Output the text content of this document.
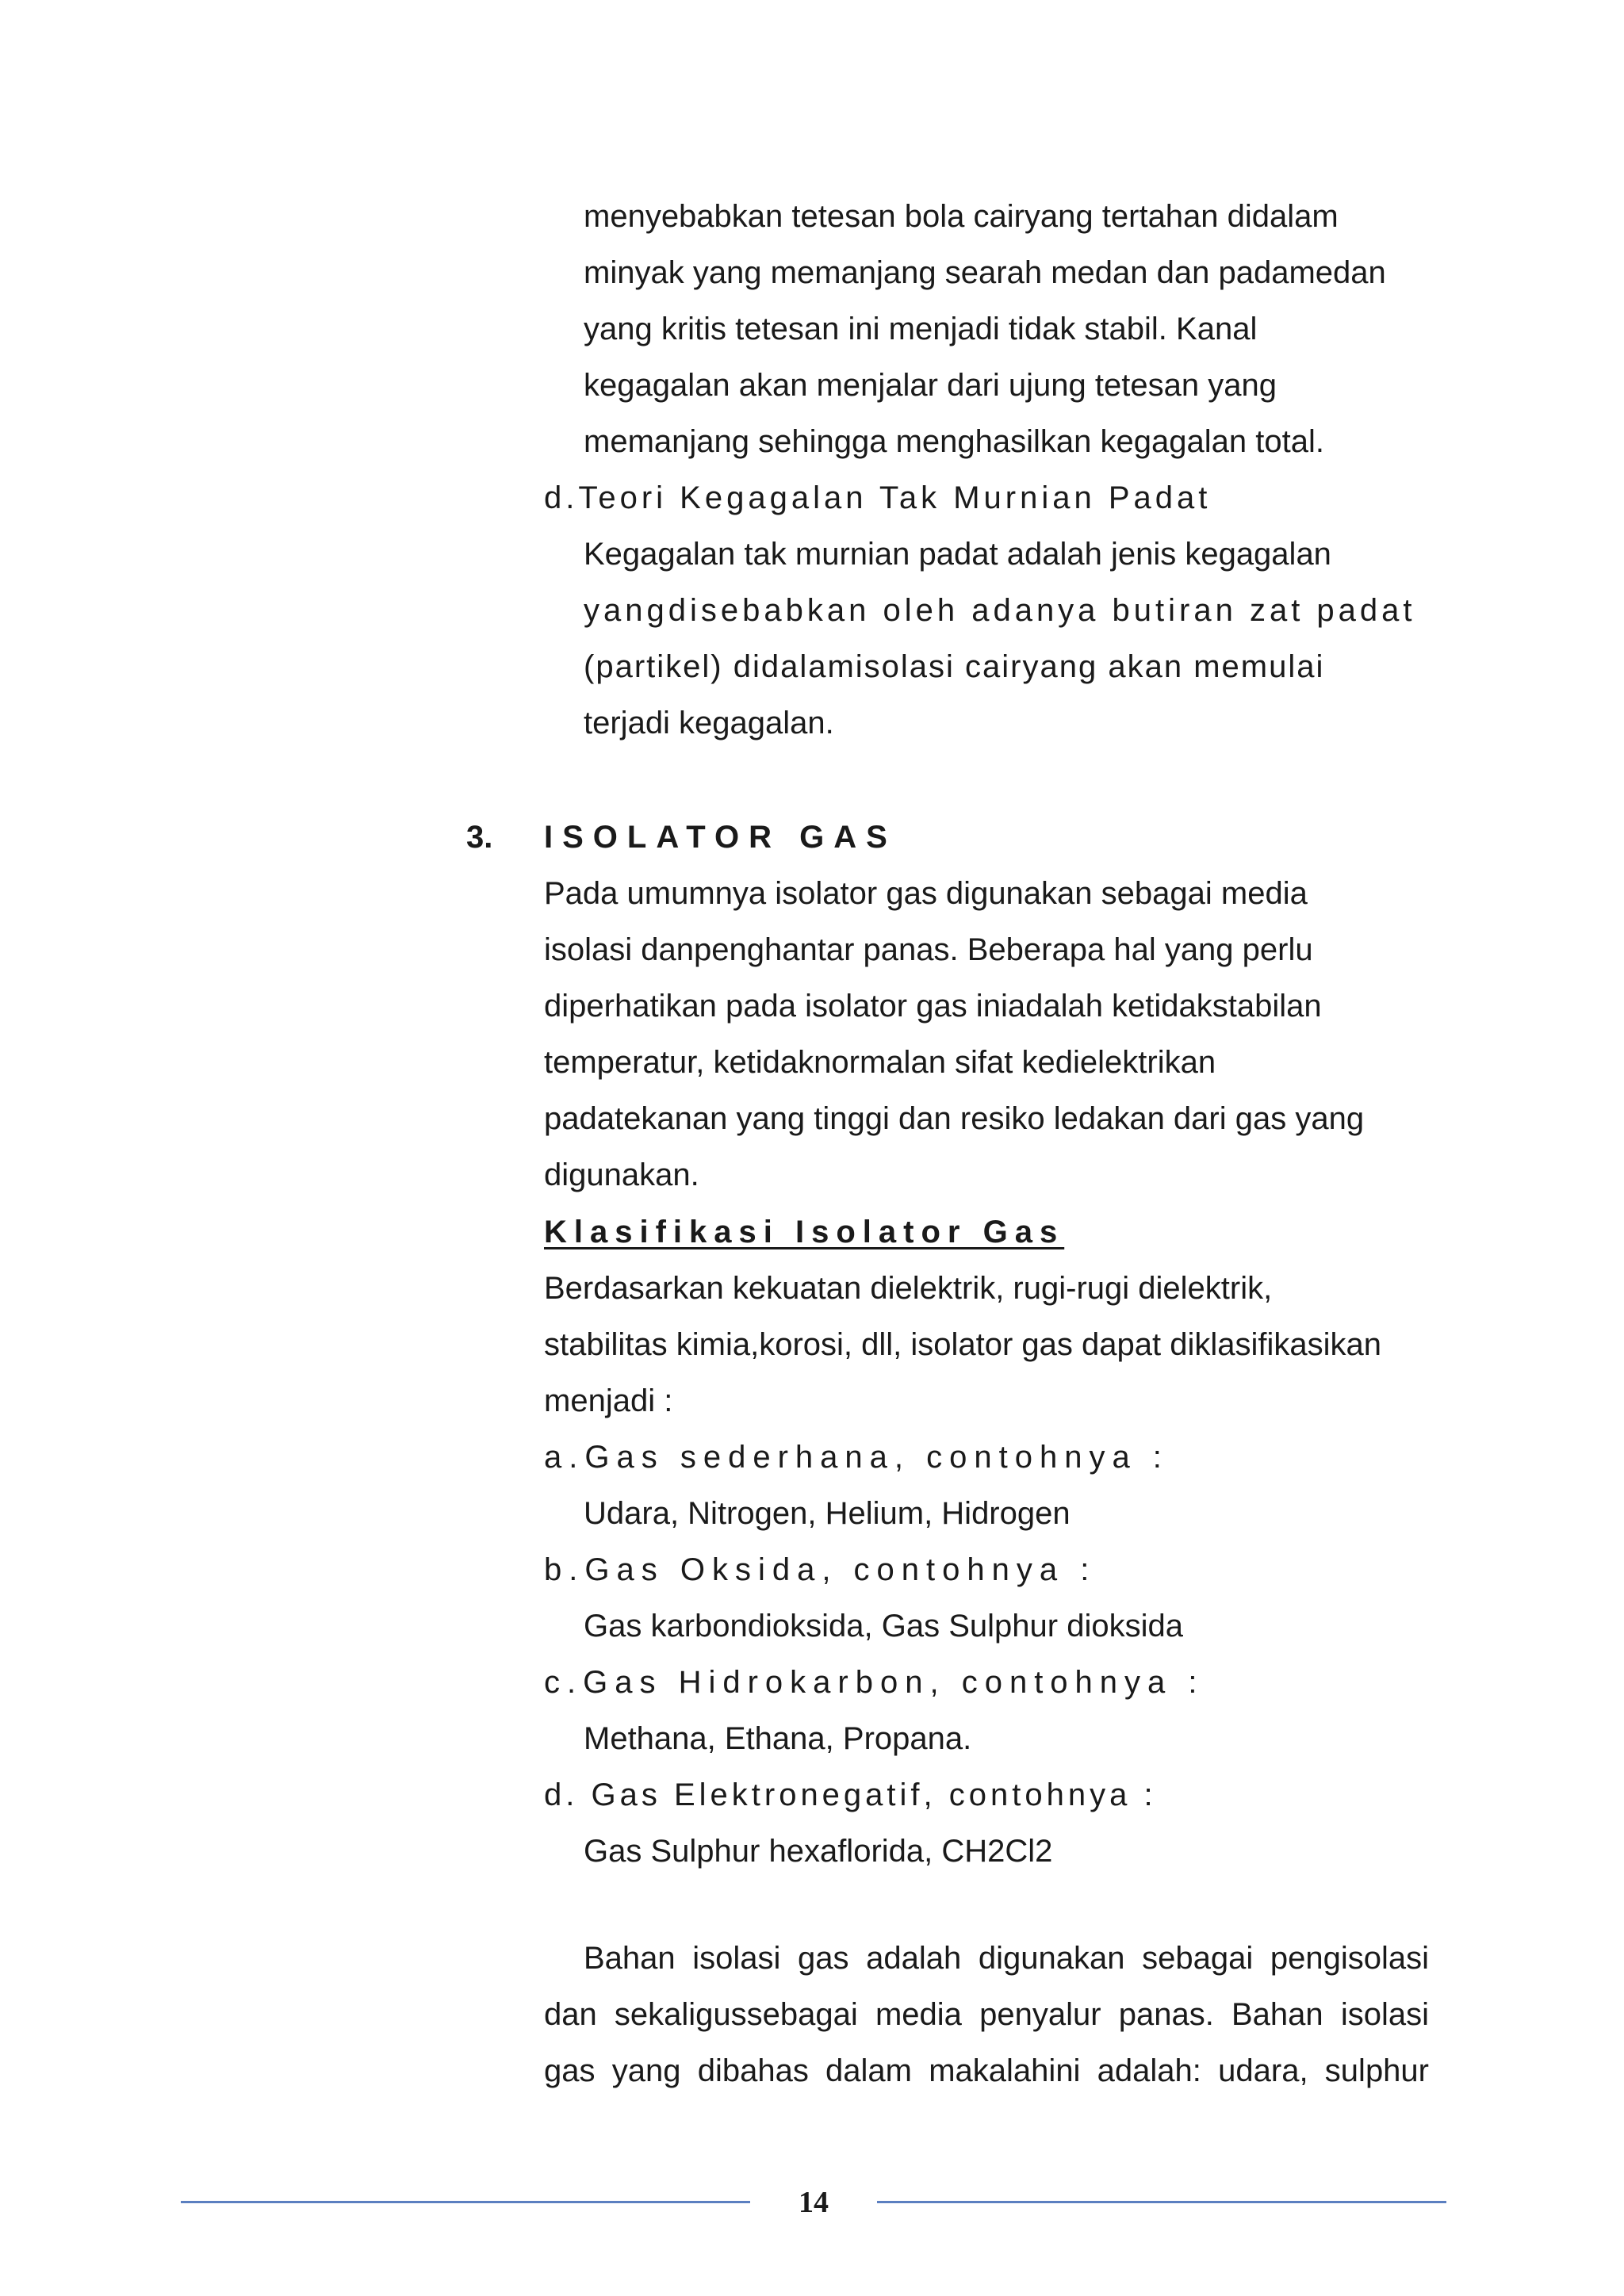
menyebabkan tetesan bola cairyang tertahan didalam
minyak yang memanjang searah medan dan padamedan
yang kritis tetesan ini menjadi tidak stabil. Kanal
kegagalan akan menjalar dari ujung tetesan yang
memanjang sehingga menghasilkan kegagalan total.
d.Teori Kegagalan Tak Murnian Padat
Kegagalan tak murnian padat adalah jenis kegagalan
yangdisebabkan oleh adanya butiran zat padat
(partikel) didalamisolasi cairyang akan memulai
terjadi kegagalan.
3. ISOLATOR GAS
Pada umumnya isolator gas digunakan sebagai media
isolasi danpenghantar panas. Beberapa hal yang perlu
diperhatikan pada isolator gas iniadalah ketidakstabilan
temperatur, ketidaknormalan sifat kedielektrikan
padatekanan yang tinggi dan resiko ledakan dari gas yang
digunakan.
Klasifikasi Isolator Gas
Berdasarkan kekuatan dielektrik, rugi-rugi dielektrik,
stabilitas kimia,korosi, dll, isolator gas dapat diklasifikasikan
menjadi :
a.Gas sederhana, contohnya :
Udara, Nitrogen, Helium, Hidrogen
b.Gas Oksida, contohnya :
Gas karbondioksida, Gas Sulphur dioksida
c.Gas Hidrokarbon, contohnya :
Methana, Ethana, Propana.
d. Gas Elektronegatif, contohnya :
Gas Sulphur hexaflorida, CH2Cl2
Bahan isolasi gas adalah digunakan sebagai pengisolasi
dan sekaligussebagai media penyalur panas. Bahan isolasi
gas yang dibahas dalam makalahini adalah: udara, sulphur
14
